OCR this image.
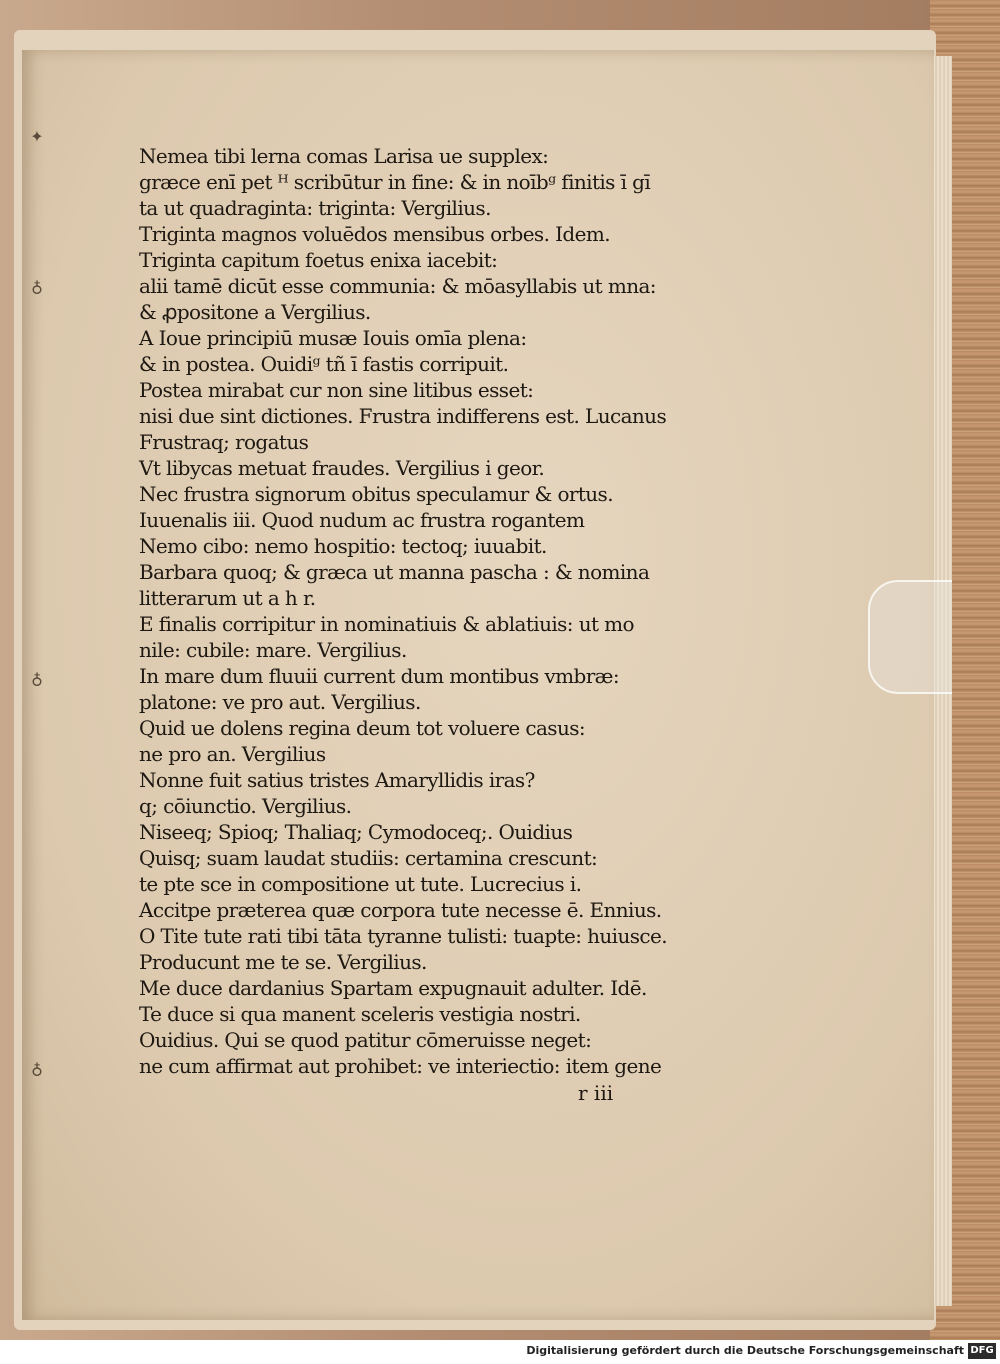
✦
♁
♁
♁
Nemea tibi lerna comas Larisa ue supplex:
græce enī pet ᴴ scribūtur in fine: & in noībᵍ finitis ī gī
ta ut quadraginta: triginta: Vergilius.
Triginta magnos voluēdos mensibus orbes. Idem.
Triginta capitum foetus enixa iacebit:
alii tamē dicūt esse communia: & mōasyllabis ut mna:
& ꝓpositone a Vergilius.
A Ioue principiū musæ Iouis omīa plena:
& in postea. Ouidiᵍ tñ ī fastis corripuit.
Postea mirabat cur non sine litibus esset:
nisi due sint dictiones. Frustra indifferens est. Lucanus
Frustraq; rogatus
Vt libycas metuat fraudes. Vergilius i geor.
Nec frustra signorum obitus speculamur & ortus.
Iuuenalis iii. Quod nudum ac frustra rogantem
Nemo cibo: nemo hospitio: tectoq; iuuabit.
Barbara quoq; & græca ut manna pascha : & nomina
litterarum ut a h r.
E finalis corripitur in nominatiuis & ablatiuis: ut mo
nile: cubile: mare. Vergilius.
In mare dum fluuii current dum montibus vmbræ:
platone: ve pro aut. Vergilius.
Quid ue dolens regina deum tot voluere casus:
ne pro an. Vergilius
Nonne fuit satius tristes Amaryllidis iras?
q; cōiunctio. Vergilius.
Niseeq; Spioq; Thaliaq; Cymodoceq;. Ouidius
Quisq; suam laudat studiis: certamina crescunt:
te pte sce in compositione ut tute. Lucrecius i.
Accitpe præterea quæ corpora tute necesse ē. Ennius.
O Tite tute rati tibi tāta tyranne tulisti: tuapte: huiusce.
Producunt me te se. Vergilius.
Me duce dardanius Spartam expugnauit adulter. Idē.
Te duce si qua manent sceleris vestigia nostri.
Ouidius. Qui se quod patitur cōmeruisse neget:
ne cum affirmat aut prohibet: ve interiectio: item gene
r iii
Digitalisierung gefördert durch die Deutsche Forschungsgemeinschaft DFG
